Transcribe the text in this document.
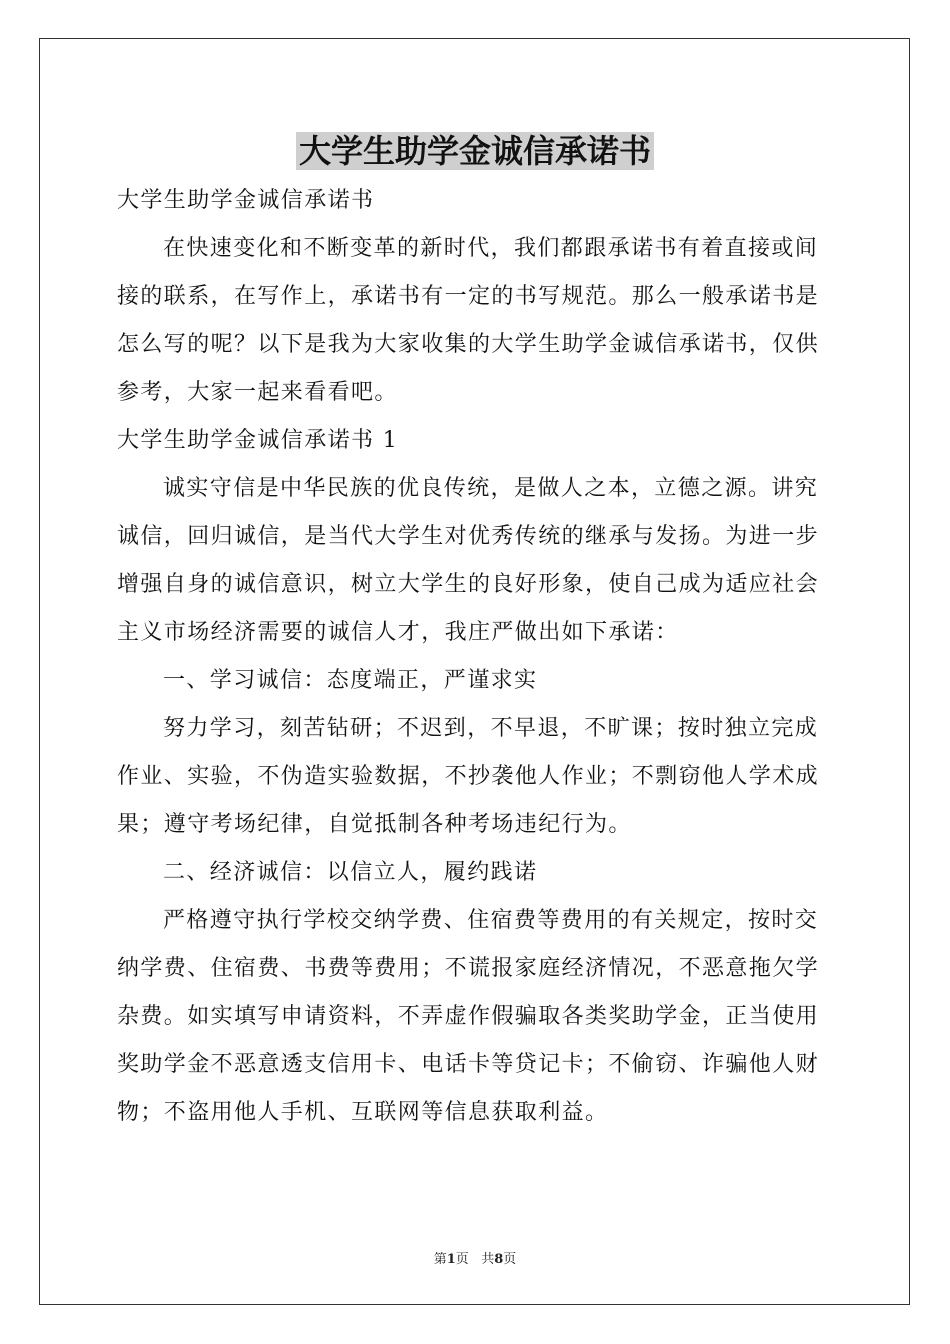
大学生助学金诚信承诺书

大学生助学金诚信承诺书

在快速变化和不断变革的新时代，我们都跟承诺书有着直接或间

接的联系，在写作上，承诺书有一定的书写规范。那么一般承诺书是

怎么写的呢？以下是我为大家收集的大学生助学金诚信承诺书，仅供

参考，大家一起来看看吧。

大学生助学金诚信承诺书 1

诚实守信是中华民族的优良传统，是做人之本，立德之源。讲究

诚信，回归诚信，是当代大学生对优秀传统的继承与发扬。为进一步

增强自身的诚信意识，树立大学生的良好形象，使自己成为适应社会

主义市场经济需要的诚信人才，我庄严做出如下承诺：

一、学习诚信：态度端正，严谨求实

努力学习，刻苦钻研；不迟到，不早退，不旷课；按时独立完成

作业、实验，不伪造实验数据，不抄袭他人作业；不剽窃他人学术成

果；遵守考场纪律，自觉抵制各种考场违纪行为。

二、经济诚信：以信立人，履约践诺

严格遵守执行学校交纳学费、住宿费等费用的有关规定，按时交

纳学费、住宿费、书费等费用；不谎报家庭经济情况，不恶意拖欠学

杂费。如实填写申请资料，不弄虚作假骗取各类奖助学金，正当使用

奖助学金不恶意透支信用卡、电话卡等贷记卡；不偷窃、诈骗他人财

物；不盗用他人手机、互联网等信息获取利益。

第1页 共8页
